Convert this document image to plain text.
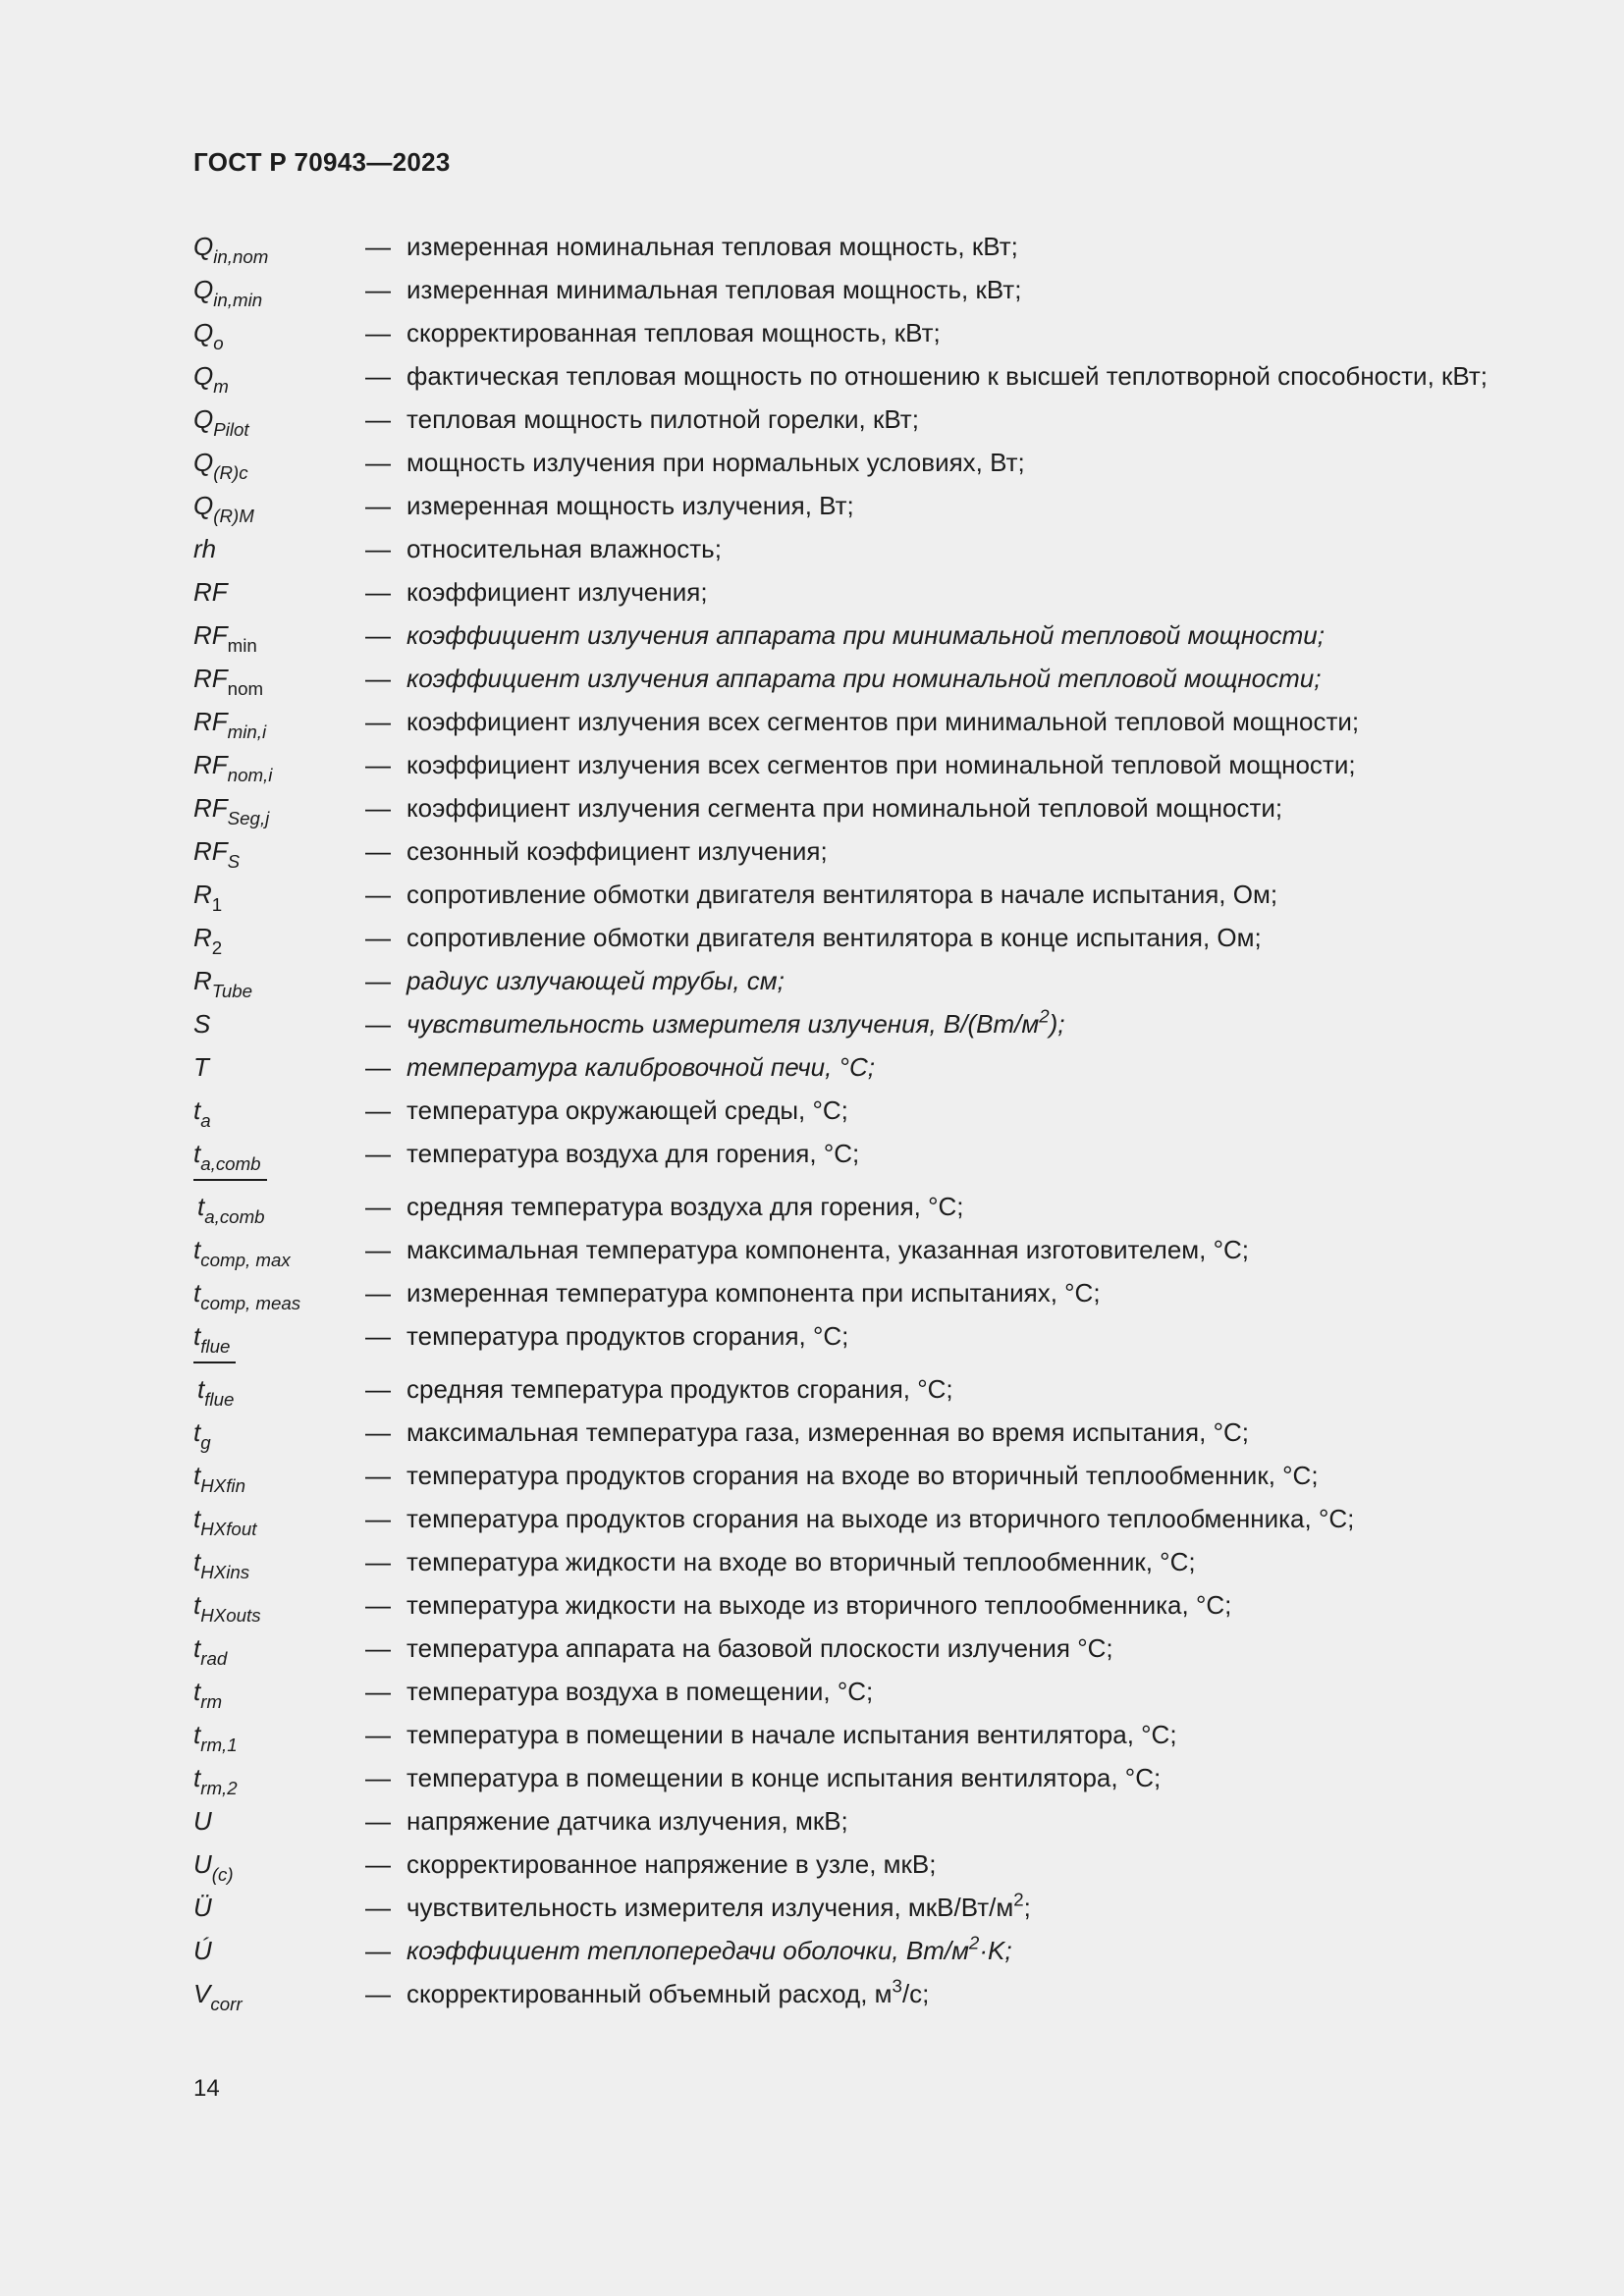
ГОСТ Р 70943—2023
$Q_{in,nom}$	— измеренная номинальная тепловая мощность, кВт;
$Q_{in,min}$	— измеренная минимальная тепловая мощность, кВт;
$Q_o$	— скорректированная тепловая мощность, кВт;
$Q_m$	— фактическая тепловая мощность по отношению к высшей теплотворной способности, кВт;
$Q_{Pilot}$	— тепловая мощность пилотной горелки, кВт;
$Q_{(R)c}$	— мощность излучения при нормальных условиях, Вт;
$Q_{(R)M}$	— измеренная мощность излучения, Вт;
rh	— относительная влажность;
RF	— коэффициент излучения;
$RF_{min}$	— коэффициент излучения аппарата при минимальной тепловой мощности;
$RF_{nom}$	— коэффициент излучения аппарата при номинальной тепловой мощности;
$RF_{min,i}$	— коэффициент излучения всех сегментов при минимальной тепловой мощности;
$RF_{nom,i}$	— коэффициент излучения всех сегментов при номинальной тепловой мощности;
$RF_{Seg,j}$	— коэффициент излучения сегмента при номинальной тепловой мощности;
$RF_S$	— сезонный коэффициент излучения;
$R_1$	— сопротивление обмотки двигателя вентилятора в начале испытания, Ом;
$R_2$	— сопротивление обмотки двигателя вентилятора в конце испытания, Ом;
$R_{Tube}$	— радиус излучающей трубы, см;
S	— чувствительность измерителя излучения, $В/(Вт/м^2)$;
T	— температура калибровочной печи, °С;
$t_a$	— температура окружающей среды, °С;
$t_{a,comb}$	— температура воздуха для горения, °С;
$t_{a,comb}$	— средняя температура воздуха для горения, °С;
$t_{comp, max}$	— максимальная температура компонента, указанная изготовителем, °С;
$t_{comp, meas}$	— измеренная температура компонента при испытаниях, °С;
$t_{flue}$	— температура продуктов сгорания, °С;
$t_{flue}$	— средняя температура продуктов сгорания, °С;
$t_g$	— максимальная температура газа, измеренная во время испытания, °С;
$t_{HXfin}$	— температура продуктов сгорания на входе во вторичный теплообменник, °С;
$t_{HXfout}$	— температура продуктов сгорания на выходе из вторичного теплообменника, °С;
$t_{HXins}$	— температура жидкости на входе во вторичный теплообменник, °С;
$t_{HXouts}$	— температура жидкости на выходе из вторичного теплообменника, °С;
$t_{rad}$	— температура аппарата на базовой плоскости излучения °С;
$t_{rm}$	— температура воздуха в помещении, °С;
$t_{rm,1}$	— температура в помещении в начале испытания вентилятора, °С;
$t_{rm,2}$	— температура в помещении в конце испытания вентилятора, °С;
U	— напряжение датчика излучения, мкВ;
$U_{(c)}$	— скорректированное напряжение в узле, мкВ;
Ü	— чувствительность измерителя излучения, мкВ/$Вт/м^2$;
Ú	— коэффициент теплопередачи оболочки, $Вт/м^2\cdot K$;
$V_{corr}$	— скорректированный объемный расход, $м^3/с$;
14
